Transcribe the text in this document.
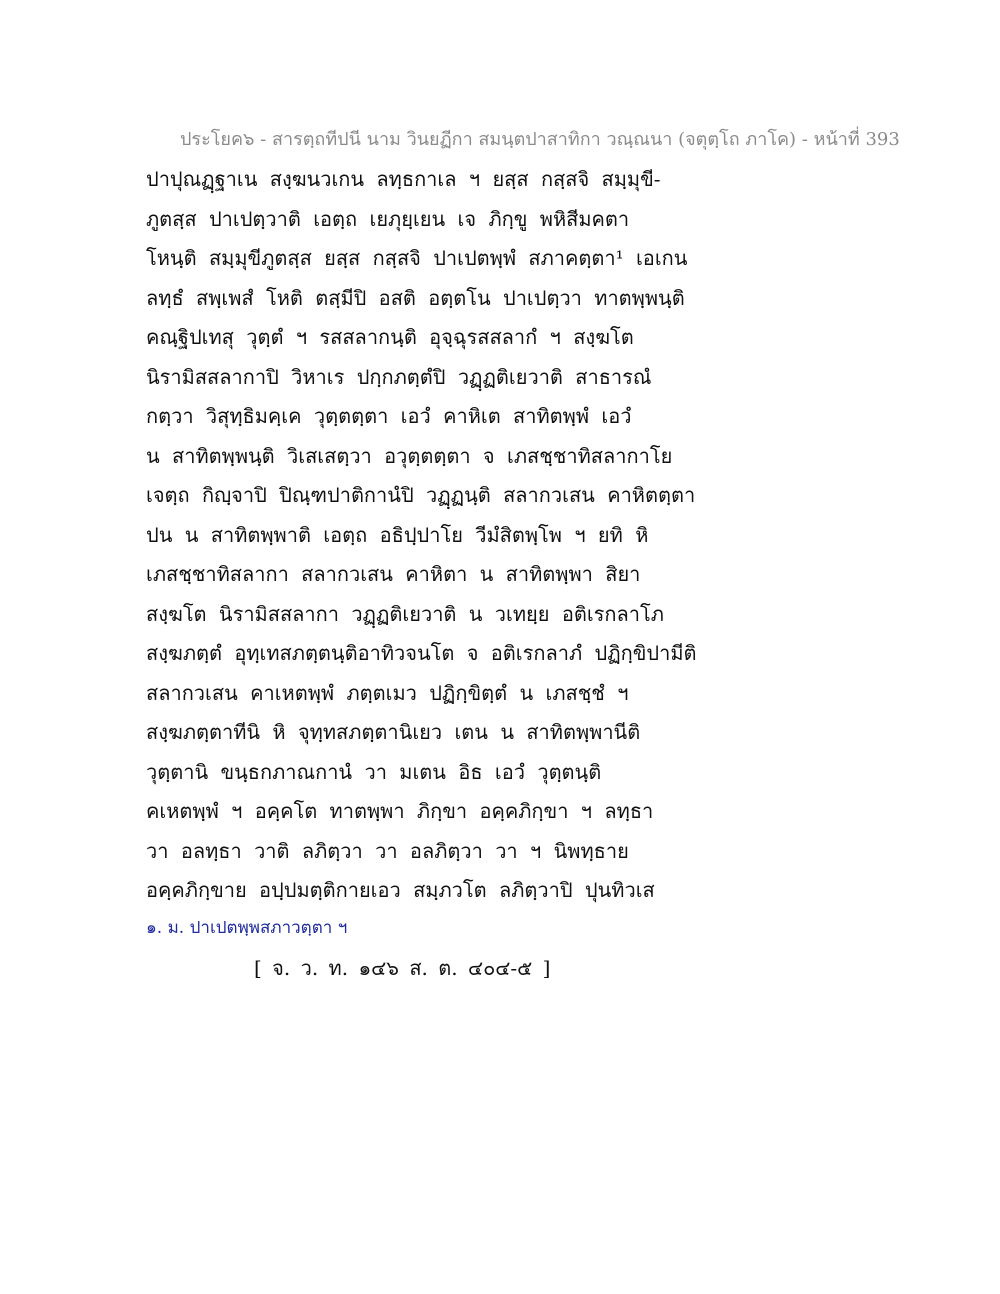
ประโยค๖ - สารตฺถทีปนี นาม วินยฏีกา สมนฺตปาสาทิกา วณฺณนา (จตุตฺโถ ภาโค) - หน้าที่ 393
ปาปุณฏฺฐาเน สงฺฆนวเกน ลทฺธกาเล ฯ ยสฺส กสฺสจิ สมฺมุขี-
ภูตสฺส ปาเปตฺวาติ เอตฺถ เยภุยฺเยน เจ ภิกฺขู พหิสีมคตา
โหนฺติ สมฺมุขีภูตสฺส ยสฺส กสฺสจิ ปาเปตพฺพํ สภาคตฺตา¹ เอเกน
ลทฺธํ สพฺเพสํ โหติ ตสฺมีปิ อสติ อตฺตโน ปาเปตฺวา ทาตพฺพนฺติ
คณฺฐิปเทสุ วุตฺตํ ฯ รสสลากนฺติ อุจฺฉุรสสลากํ ฯ สงฺฆโต
นิรามิสสลากาปิ วิหาเร ปกฺกภตฺตํปิ วฏฺฏติเยวาติ สาธารณํ
กตฺวา วิสุทฺธิมคฺเค วุตฺตตฺตา เอวํ คาหิเต สาทิตพฺพํ เอวํ
น สาทิตพฺพนฺติ วิเสเสตฺวา อวุตฺตตฺตา จ เภสชฺชาทิสลากาโย
เจตฺถ กิญฺจาปิ ปิณฺฑปาติกานํปิ วฏฺฏนฺติ สลากวเสน คาหิตตฺตา
ปน น สาทิตพฺพาติ เอตฺถ อธิปฺปาโย วีมํสิตพฺโพ ฯ ยทิ หิ
เภสชฺชาทิสลากา สลากวเสน คาหิตา น สาทิตพฺพา สิยา
สงฺฆโต นิรามิสสลากา วฏฺฏติเยวาติ น วเทยฺย อติเรกลาโภ
สงฺฆภตฺตํ อุทฺเทสภตฺตนฺติอาทิวจนโต จ อติเรกลาภํ ปฏิกฺขิปามีติ
สลากวเสน คาเหตพฺพํ ภตฺตเมว ปฏิกฺขิตฺตํ น เภสชฺชํ ฯ
สงฺฆภตฺตาทีนิ หิ จุทฺทสภตฺตานิเยว เตน น สาทิตพฺพานีติ
วุตฺตานิ ขนฺธกภาณกานํ วา มเตน อิธ เอวํ วุตฺตนฺติ
คเหตพฺพํ ฯ อคฺคโต ทาตพฺพา ภิกฺขา อคฺคภิกฺขา ฯ ลทฺธา
วา อลทฺธา วาติ ลภิตฺวา วา อลภิตฺวา วา ฯ นิพทฺธาย
อคฺคภิกฺขาย อปฺปมตฺติกายเอว สมฺภวโต ลภิตฺวาปิ ปุนทิวเส
๑. ม. ปาเปตพฺพสภาวตฺตา ฯ
[ จ. ว. ท. ๑๔๖ ส. ต. ๔๐๔-๕ ]
